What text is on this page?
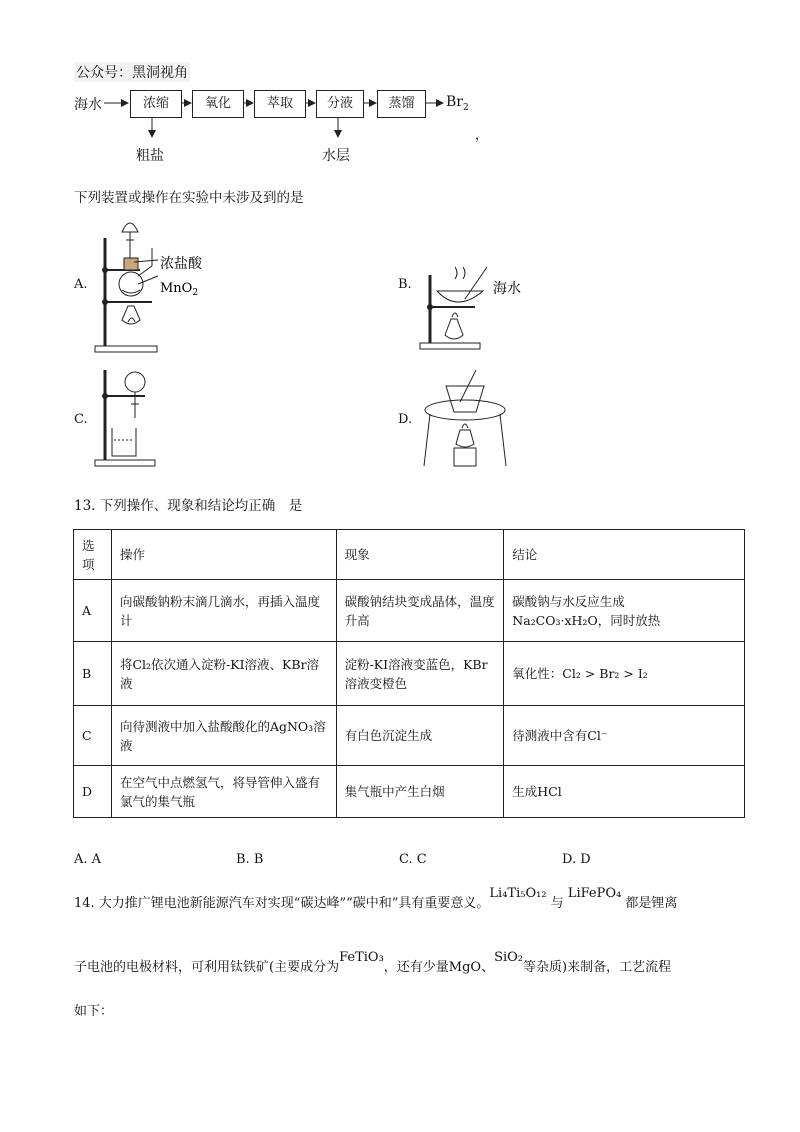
公众号：黑洞视角
海水	浓缩	氧化	萃取	分液	蒸馏	$Br_2$
，
粗盐	水层
下列装置或操作在实验中未涉及到的是
A.
浓盐酸
MnO$_2$
B.	海水
C.	D.
13. 下列操作、现象和结论均正确　是
选项	操作	现象	结论
A	向碳酸钠粉末滴几滴水，再插入温度计	碳酸钠结块变成晶体，温度升高	碳酸钠与水反应生成
Na₂CO₃·xH₂O，同时放热

B	将Cl₂依次通入淀粉-KI溶液、KBr溶液	淀粉-KI溶液变蓝色，KBr溶液变橙色	氧化性：Cl₂ > Br₂ > I₂
C	向待测液中加入盐酸酸化的AgNO₃溶液	有白色沉淀生成	待测液中含有Cl⁻
D	在空气中点燃氢气，将导管伸入盛有氯气的集气瓶	集气瓶中产生白烟	生成HCl
A. A	B. B	C. C	D. D
14. 大力推广锂电池新能源汽车对实现“碳达峰”“碳中和”具有重要意义。Li₄Ti₅O₁₂ 与 LiFePO₄ 都是锂离
子电池的电极材料，可利用钛铁矿(主要成分为FeTiO₃，还有少量MgO、SiO₂等杂质)来制备，工艺流程
如下：
